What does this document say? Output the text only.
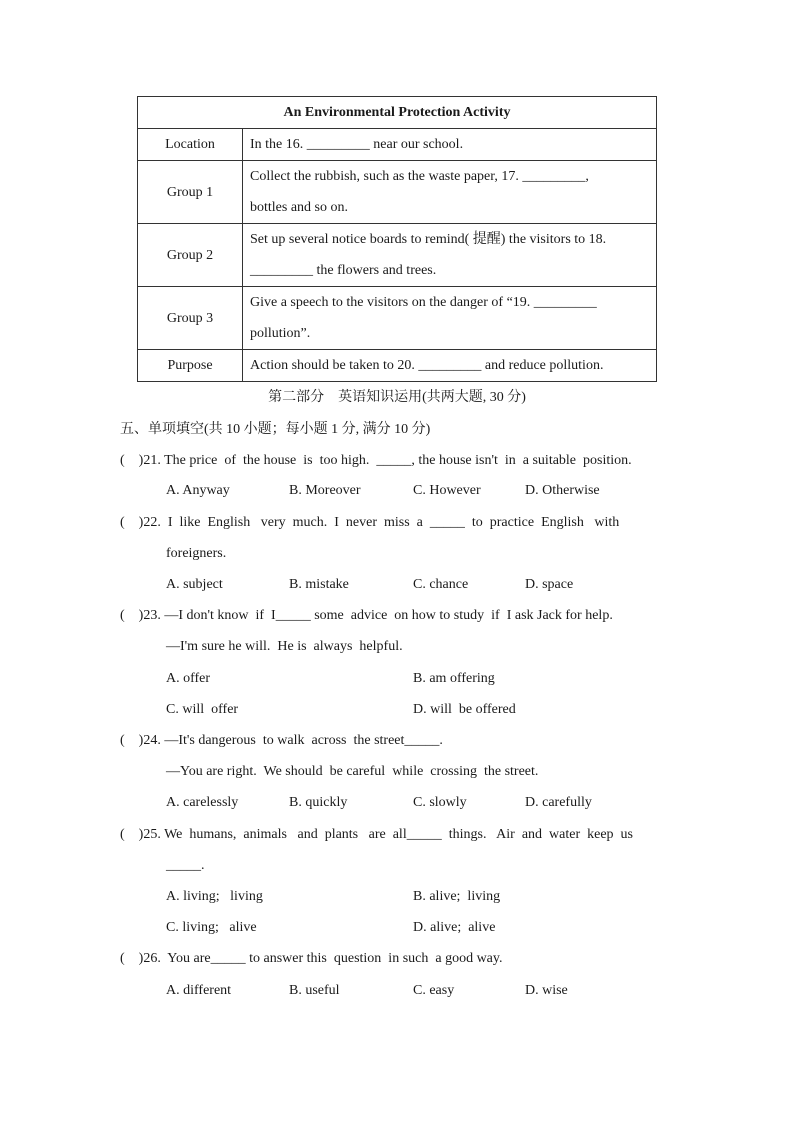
An Environmental Protection Activity	
Location	In the 16. _________ near our school.
Group 1	Collect the rubbish, such as the waste paper, 17. _________,
bottles and so on.
Group 2	Set up several notice boards to remind( 提醒) the visitors to 18.
_________ the flowers and trees.
Group 3	Give a speech to the visitors on the danger of “19. _________
pollution”.
Purpose	Action should be taken to 20. _________ and reduce pollution.
第二部分    英语知识运用(共两大题, 30 分)
五、单项填空(共 10 小题；每小题 1 分, 满分 10 分)
(    )21. The price  of  the house  is  too high.  _____, the house isn't  in  a suitable  position.
A. Anyway	B. Moreover	C. However	D. Otherwise
(    )22.  I  like  English   very  much.  I  never  miss  a  _____  to  practice  English   with
foreigners.
A. subject	B. mistake	C. chance	D. space
(    )23. —I don't know  if  I_____ some  advice  on how to study  if  I ask Jack for help.
—I'm sure he will.  He is  always  helpful.
A. offer	B. am offering
C. will  offer	D. will  be offered
(    )24. —It's dangerous  to walk  across  the street_____.
—You are right.  We should  be careful  while  crossing  the street.
A. carelessly	B. quickly	C. slowly	D. carefully
(    )25. We  humans,  animals   and  plants   are  all_____  things.   Air  and  water  keep  us
_____.
A. living;   living	B. alive;  living
C. living;   alive	D. alive;  alive
(    )26.  You are_____ to answer this  question  in such  a good way.
A. different	B. useful	C. easy	D. wise
